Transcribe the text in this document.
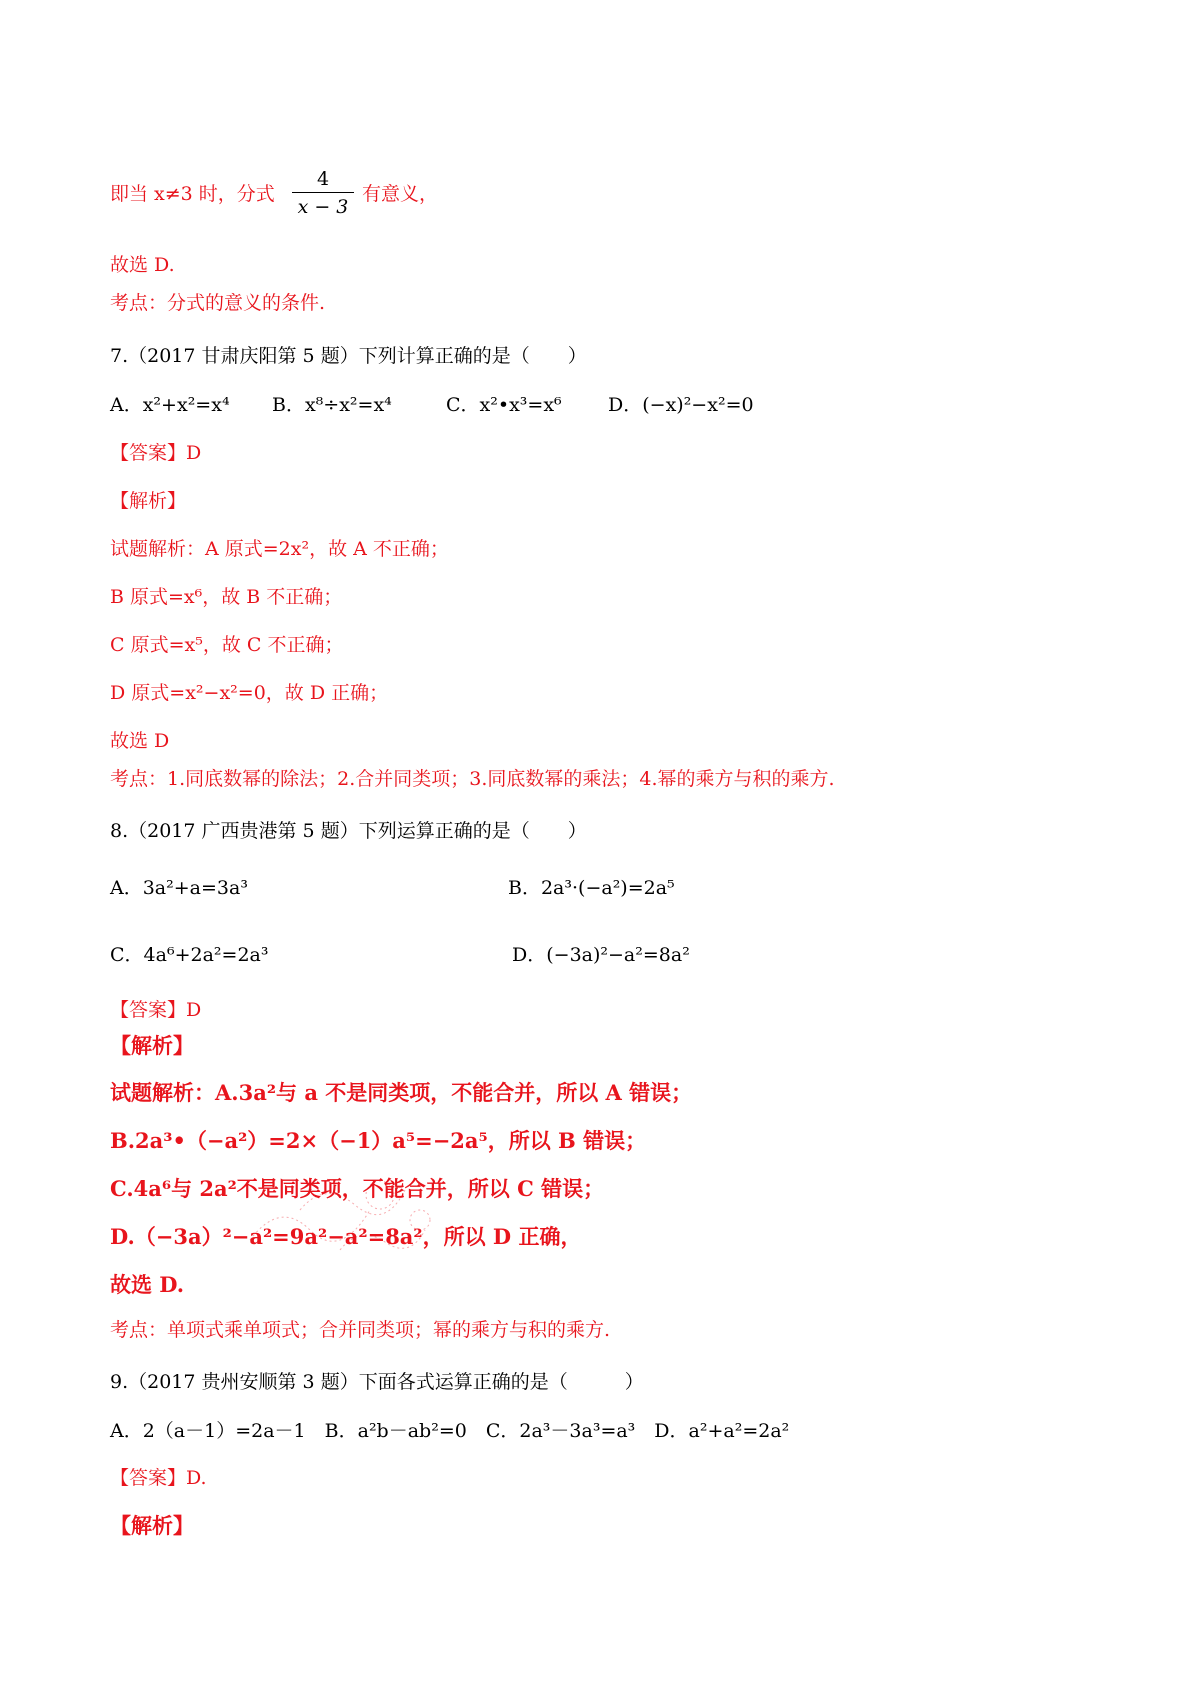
即当 x≠3 时，分式
4
x − 3
有意义，
故选 D.
考点：分式的意义的条件.
7.（2017 甘肃庆阳第 5 题）下列计算正确的是（　　）
A．x²+x²=x⁴ B．x⁸÷x²=x⁴	C．x²•x³=x⁶ D．(−x)²−x²=0
【答案】D
【解析】
试题解析：A 原式=2x²，故 A 不正确；
B 原式=x⁶，故 B 不正确；
C 原式=x⁵，故 C 不正确；
D 原式=x²−x²=0，故 D 正确；
故选 D
考点：1.同底数幂的除法；2.合并同类项；3.同底数幂的乘法；4.幂的乘方与积的乘方.
8.（2017 广西贵港第 5 题）下列运算正确的是（　　）
A．3a²+a=3a³	B．2a³·(−a²)=2a⁵
C．4a⁶+2a²=2a³	D．(−3a)²−a²=8a²
【答案】D
【解析】
试题解析：A.3a²与 a 不是同类项，不能合并，所以 A 错误；
B.2a³•（−a²）=2×（−1）a⁵=−2a⁵，所以 B 错误；
C.4a⁶与 2a²不是同类项，不能合并，所以 C 错误；
D.（−3a）²−a²=9a²−a²=8a²，所以 D 正确，
故选 D.
考点：单项式乘单项式；合并同类项；幂的乘方与积的乘方.
9.（2017 贵州安顺第 3 题）下面各式运算正确的是（　　　）
A．2（a－1）=2a－1　B．a²b－ab²=0　C．2a³－3a³=a³　D．a²+a²=2a²
【答案】D.
【解析】
